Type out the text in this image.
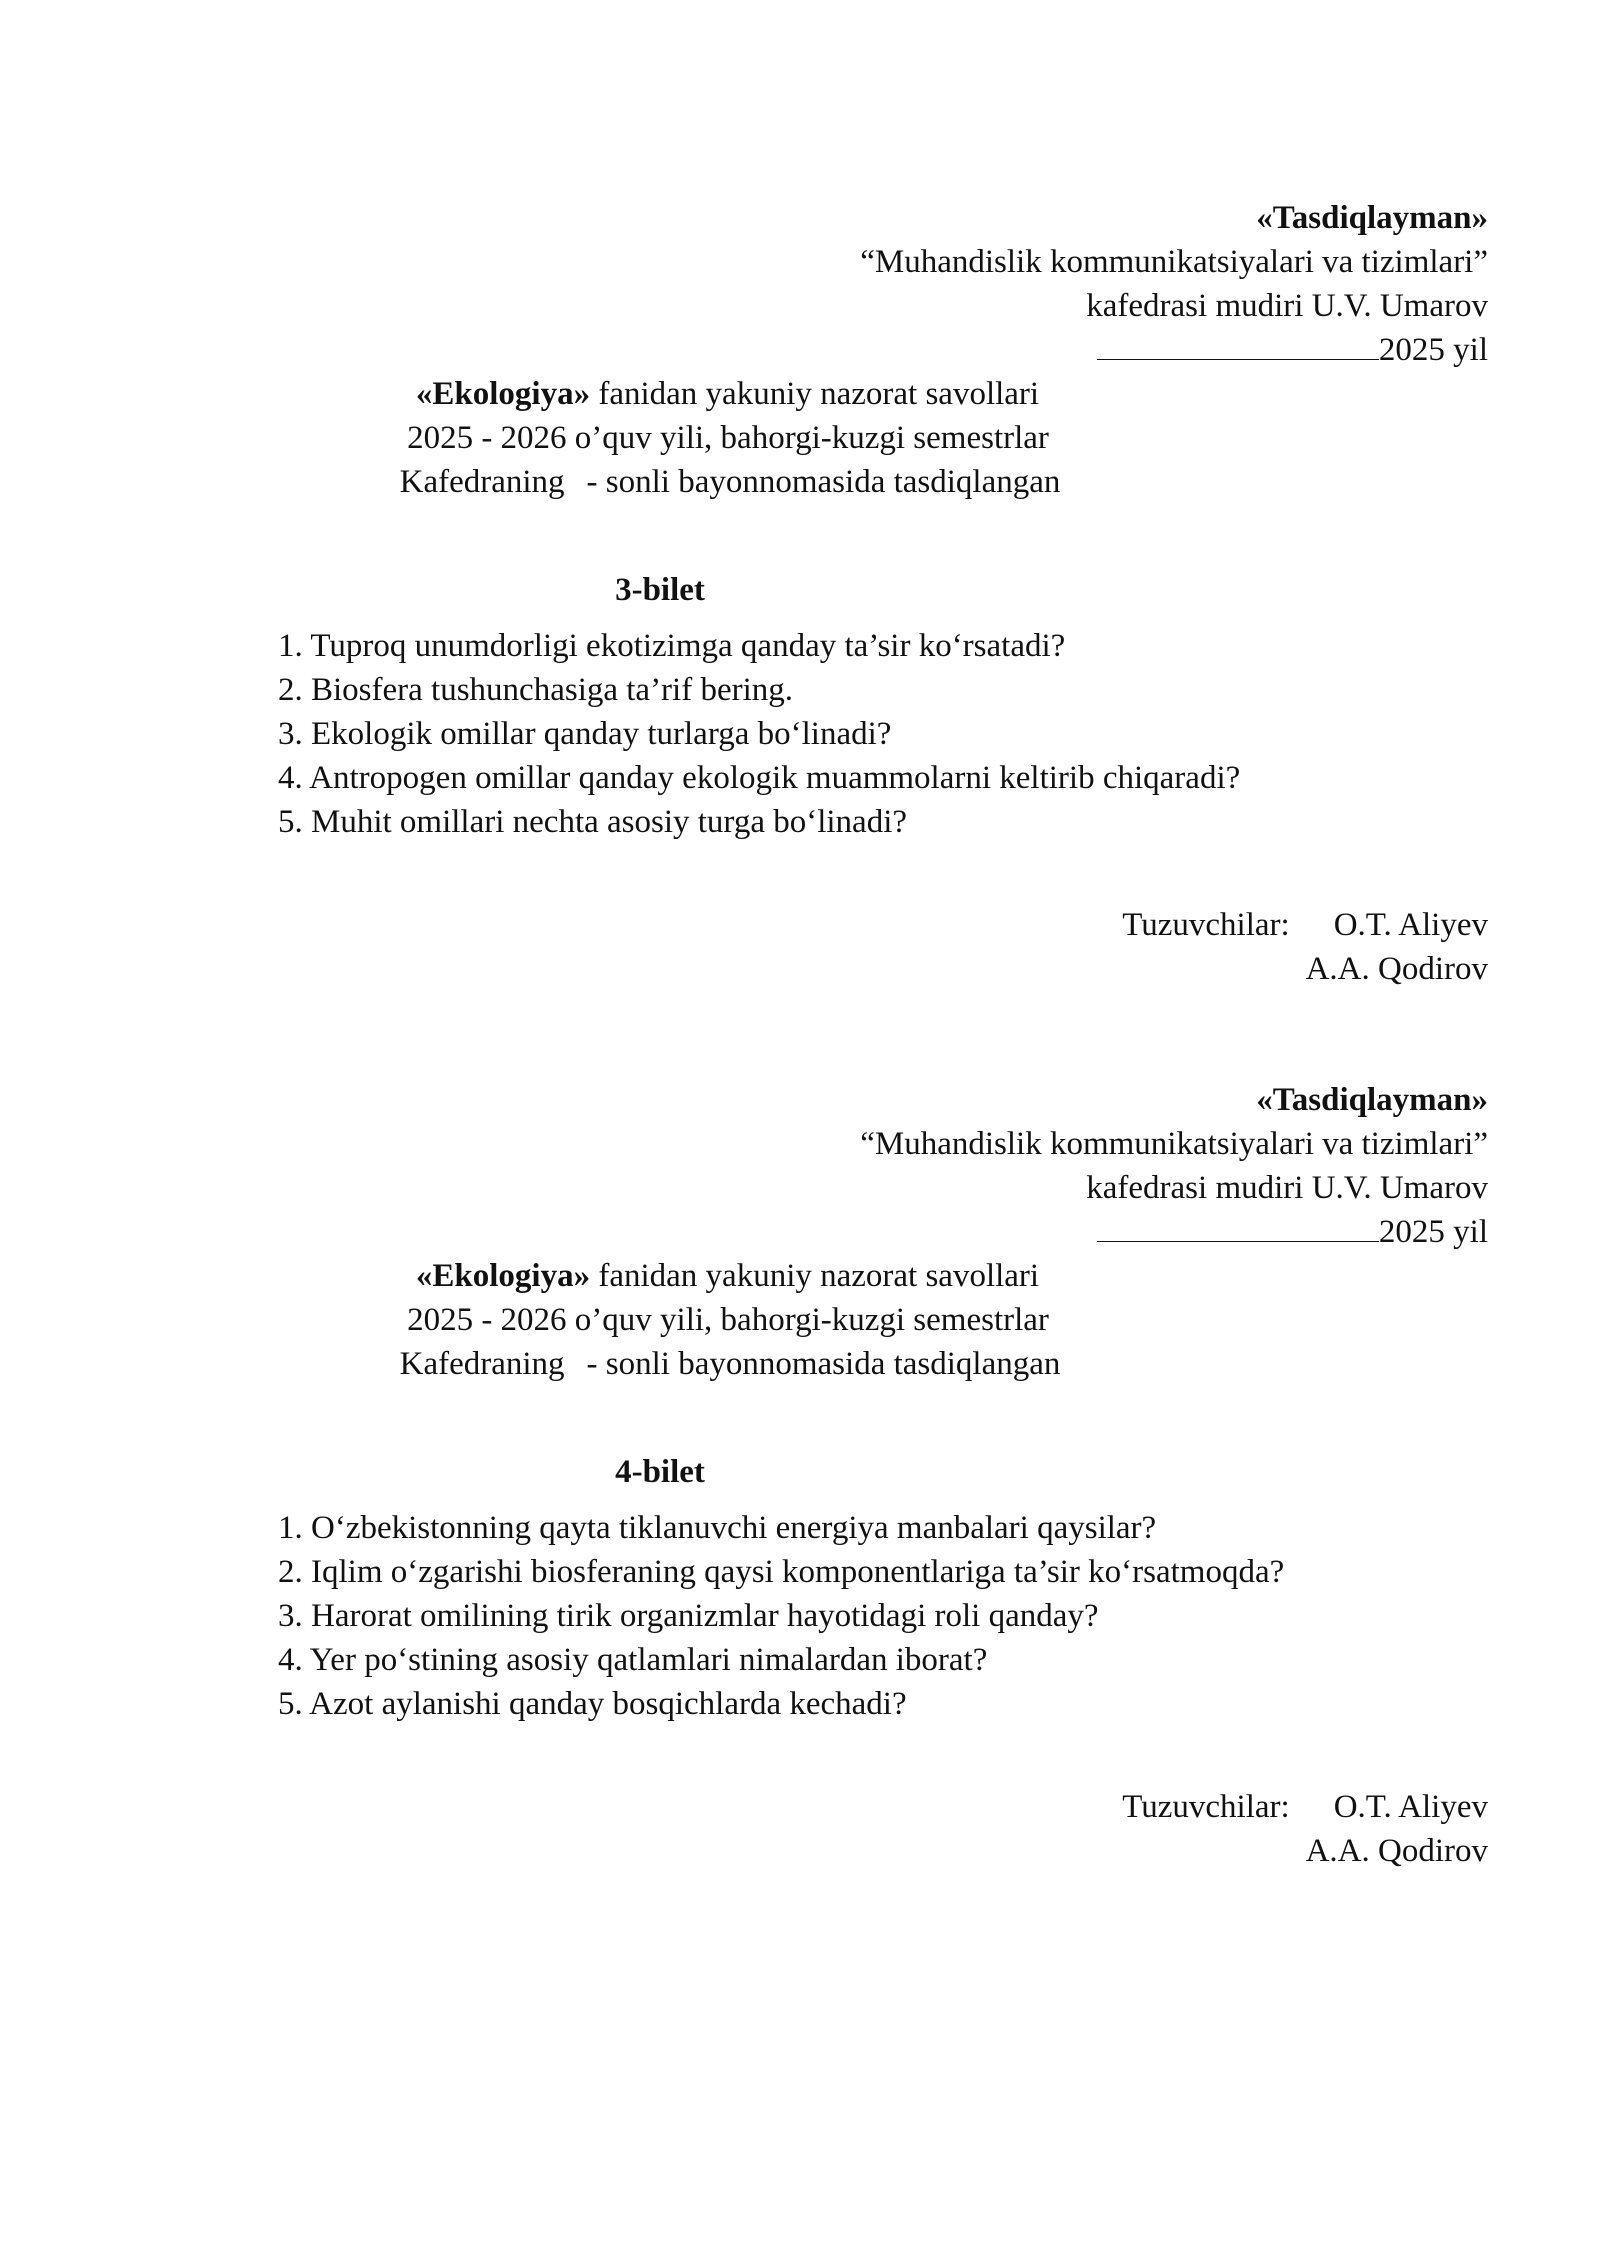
«Tasdiqlayman»
“Muhandislik kommunikatsiyalari va tizimlari”
kafedrasi mudiri U.V. Umarov
2025 yil
«Ekologiya» fanidan yakuniy nazorat savollari
2025 - 2026 o’quv yili, bahorgi-kuzgi semestrlar
Kafedraning - sonli bayonnomasida tasdiqlangan
3-bilet
1. Tuproq unumdorligi ekotizimga qanday ta’sir ko‘rsatadi?
2. Biosfera tushunchasiga ta’rif bering.
3. Ekologik omillar qanday turlarga bo‘linadi?
4. Antropogen omillar qanday ekologik muammolarni keltirib chiqaradi?
5. Muhit omillari nechta asosiy turga bo‘linadi?
Tuzuvchilar: O.T. Aliyev
A.A. Qodirov
«Tasdiqlayman»
“Muhandislik kommunikatsiyalari va tizimlari”
kafedrasi mudiri U.V. Umarov
2025 yil
«Ekologiya» fanidan yakuniy nazorat savollari
2025 - 2026 o’quv yili, bahorgi-kuzgi semestrlar
Kafedraning - sonli bayonnomasida tasdiqlangan
4-bilet
1. O‘zbekistonning qayta tiklanuvchi energiya manbalari qaysilar?
2. Iqlim o‘zgarishi biosferaning qaysi komponentlariga ta’sir ko‘rsatmoqda?
3. Harorat omilining tirik organizmlar hayotidagi roli qanday?
4. Yer po‘stining asosiy qatlamlari nimalardan iborat?
5. Azot aylanishi qanday bosqichlarda kechadi?
Tuzuvchilar: O.T. Aliyev
A.A. Qodirov
